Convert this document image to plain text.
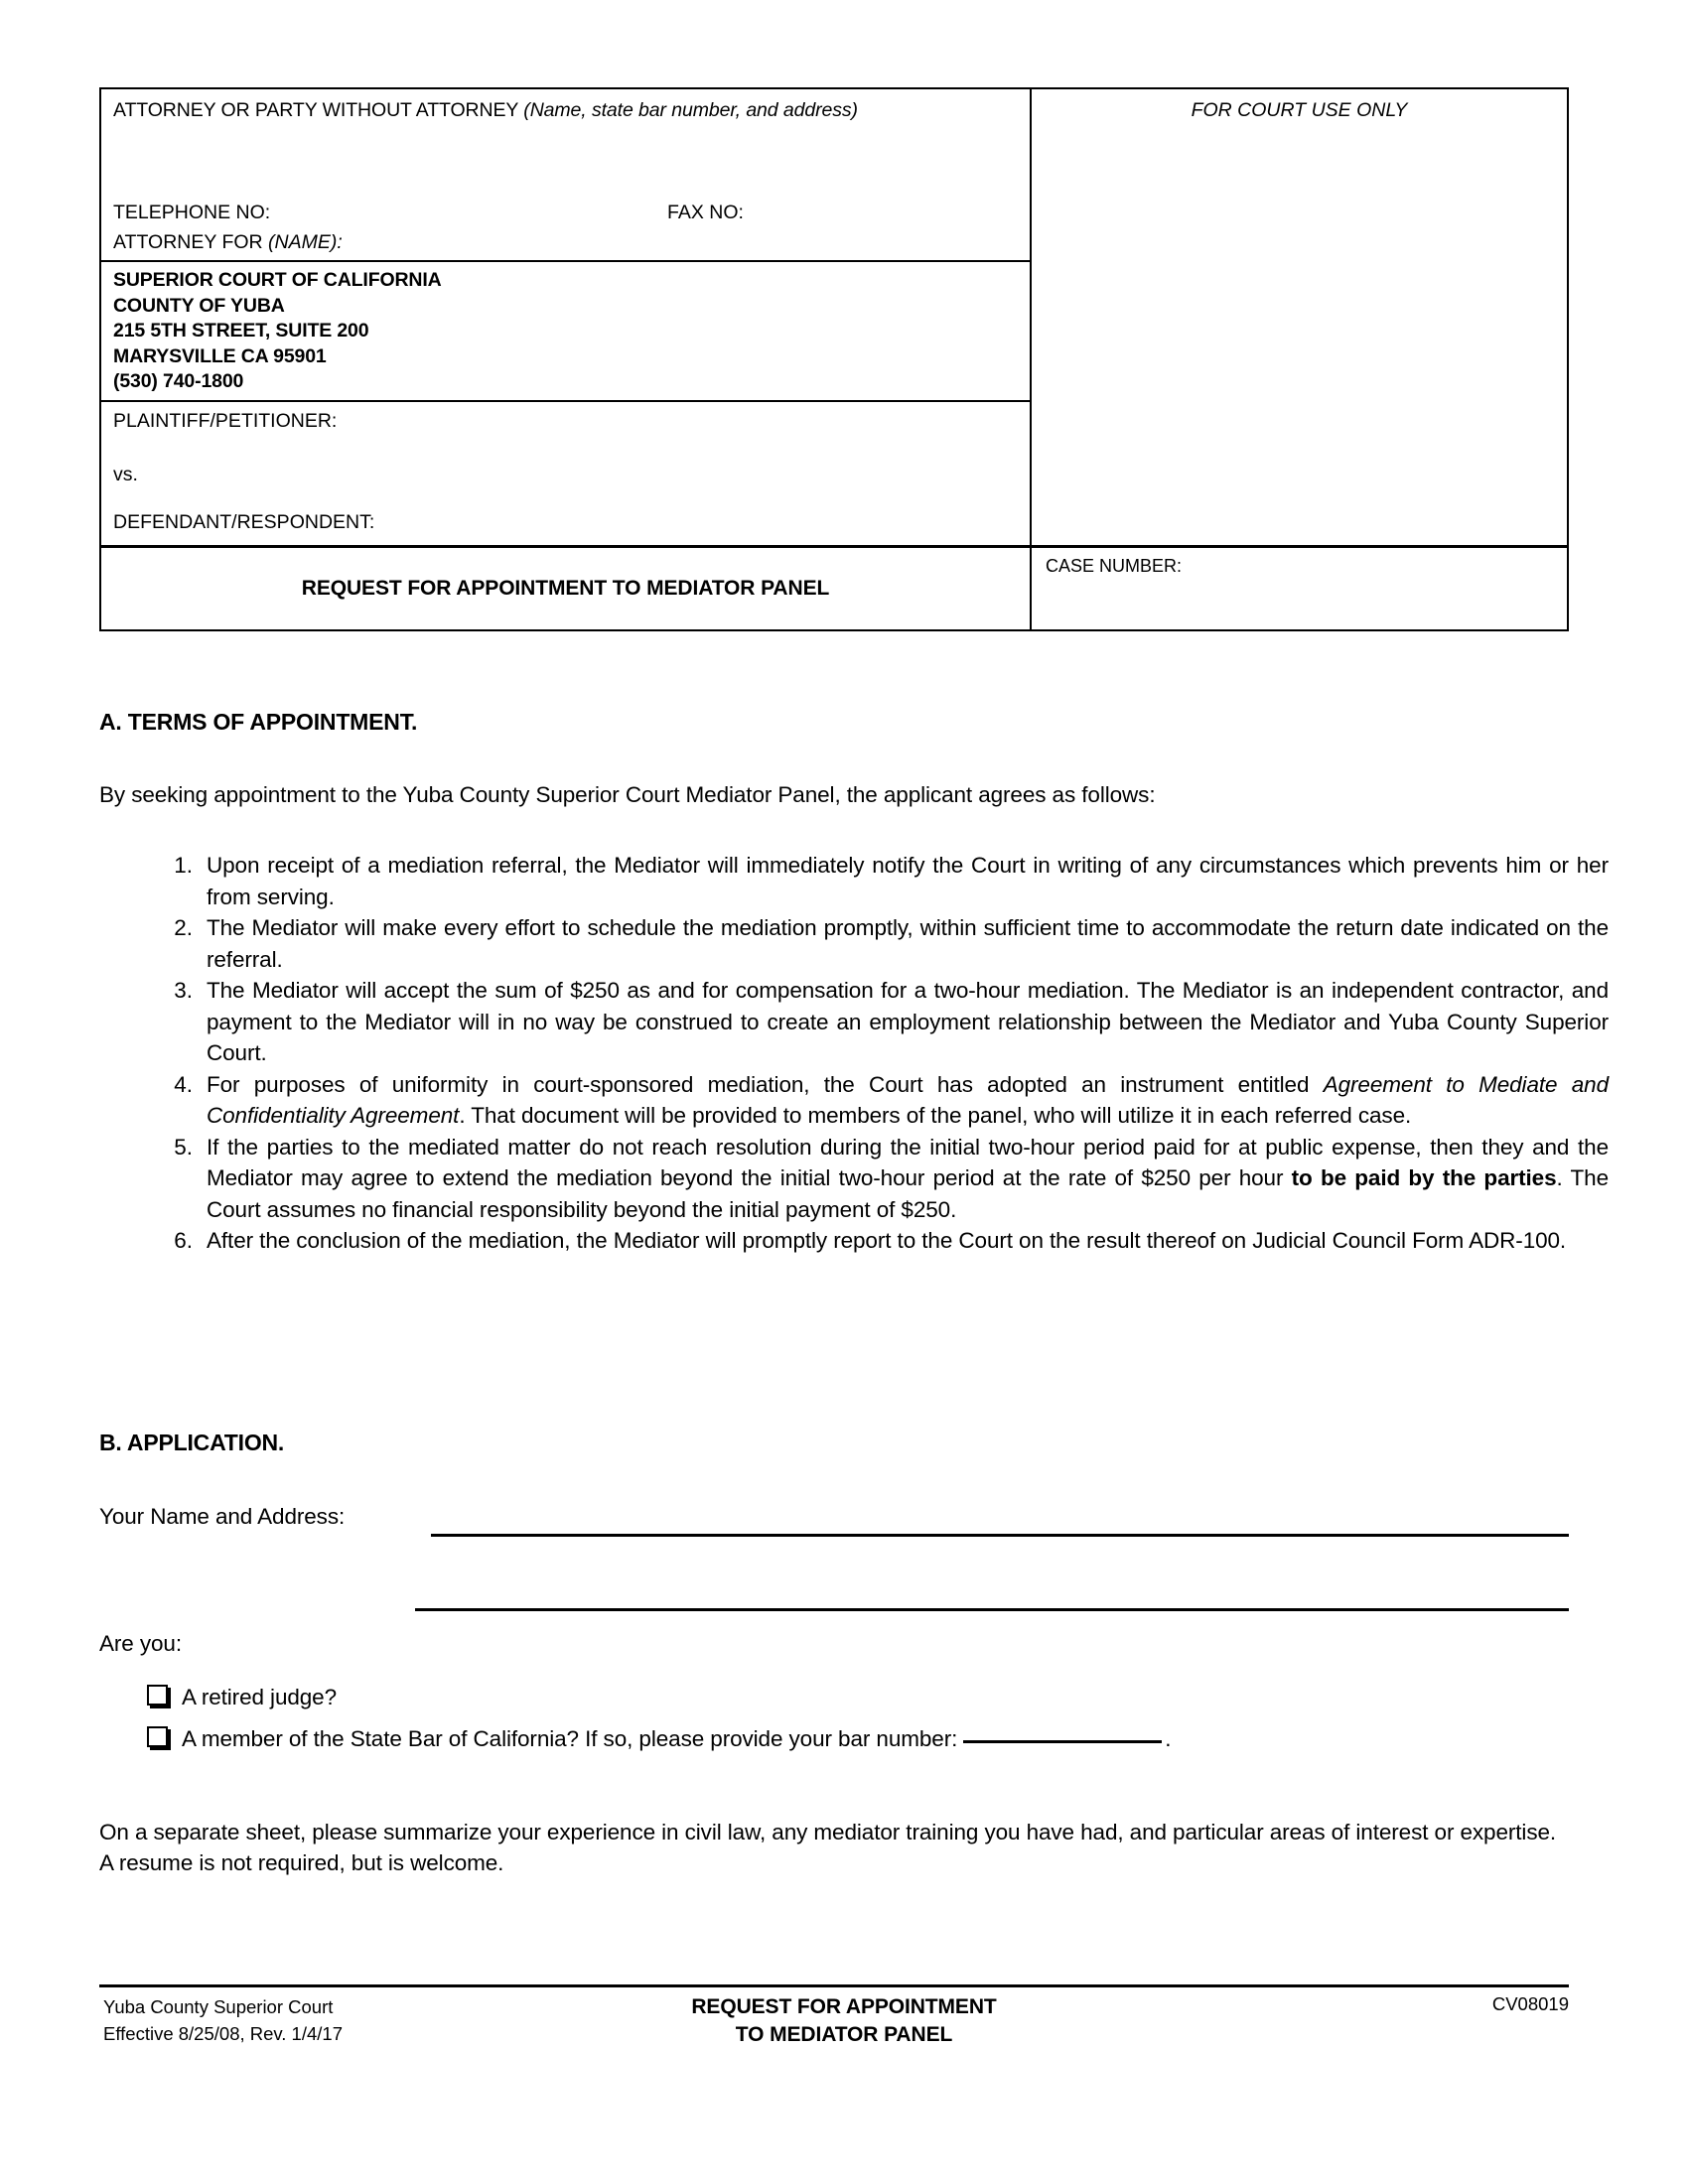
ATTORNEY OR PARTY WITHOUT ATTORNEY (Name, state bar number, and address)
TELEPHONE NO:	FAX NO:
ATTORNEY FOR (NAME):
SUPERIOR COURT OF CALIFORNIA
COUNTY OF YUBA
215 5TH STREET, SUITE 200
MARYSVILLE CA 95901
(530) 740-1800
PLAINTIFF/PETITIONER:
vs.
DEFENDANT/RESPONDENT:
FOR COURT USE ONLY
REQUEST FOR APPOINTMENT TO MEDIATOR PANEL
CASE NUMBER:
A. TERMS OF APPOINTMENT.
By seeking appointment to the Yuba County Superior Court Mediator Panel, the applicant agrees as follows:
1. Upon receipt of a mediation referral, the Mediator will immediately notify the Court in writing of any circumstances which prevents him or her from serving.
2. The Mediator will make every effort to schedule the mediation promptly, within sufficient time to accommodate the return date indicated on the referral.
3. The Mediator will accept the sum of $250 as and for compensation for a two-hour mediation. The Mediator is an independent contractor, and payment to the Mediator will in no way be construed to create an employment relationship between the Mediator and Yuba County Superior Court.
4. For purposes of uniformity in court-sponsored mediation, the Court has adopted an instrument entitled Agreement to Mediate and Confidentiality Agreement. That document will be provided to members of the panel, who will utilize it in each referred case.
5. If the parties to the mediated matter do not reach resolution during the initial two-hour period paid for at public expense, then they and the Mediator may agree to extend the mediation beyond the initial two-hour period at the rate of $250 per hour to be paid by the parties. The Court assumes no financial responsibility beyond the initial payment of $250.
6. After the conclusion of the mediation, the Mediator will promptly report to the Court on the result thereof on Judicial Council Form ADR-100.
B. APPLICATION.
Your Name and Address:
Are you:
A retired judge?
A member of the State Bar of California? If so, please provide your bar number:	.
On a separate sheet, please summarize your experience in civil law, any mediator training you have had, and particular areas of interest or expertise. A resume is not required, but is welcome.
Yuba County Superior Court
Effective 8/25/08, Rev. 1/4/17
REQUEST FOR APPOINTMENT
TO MEDIATOR PANEL
CV08019
